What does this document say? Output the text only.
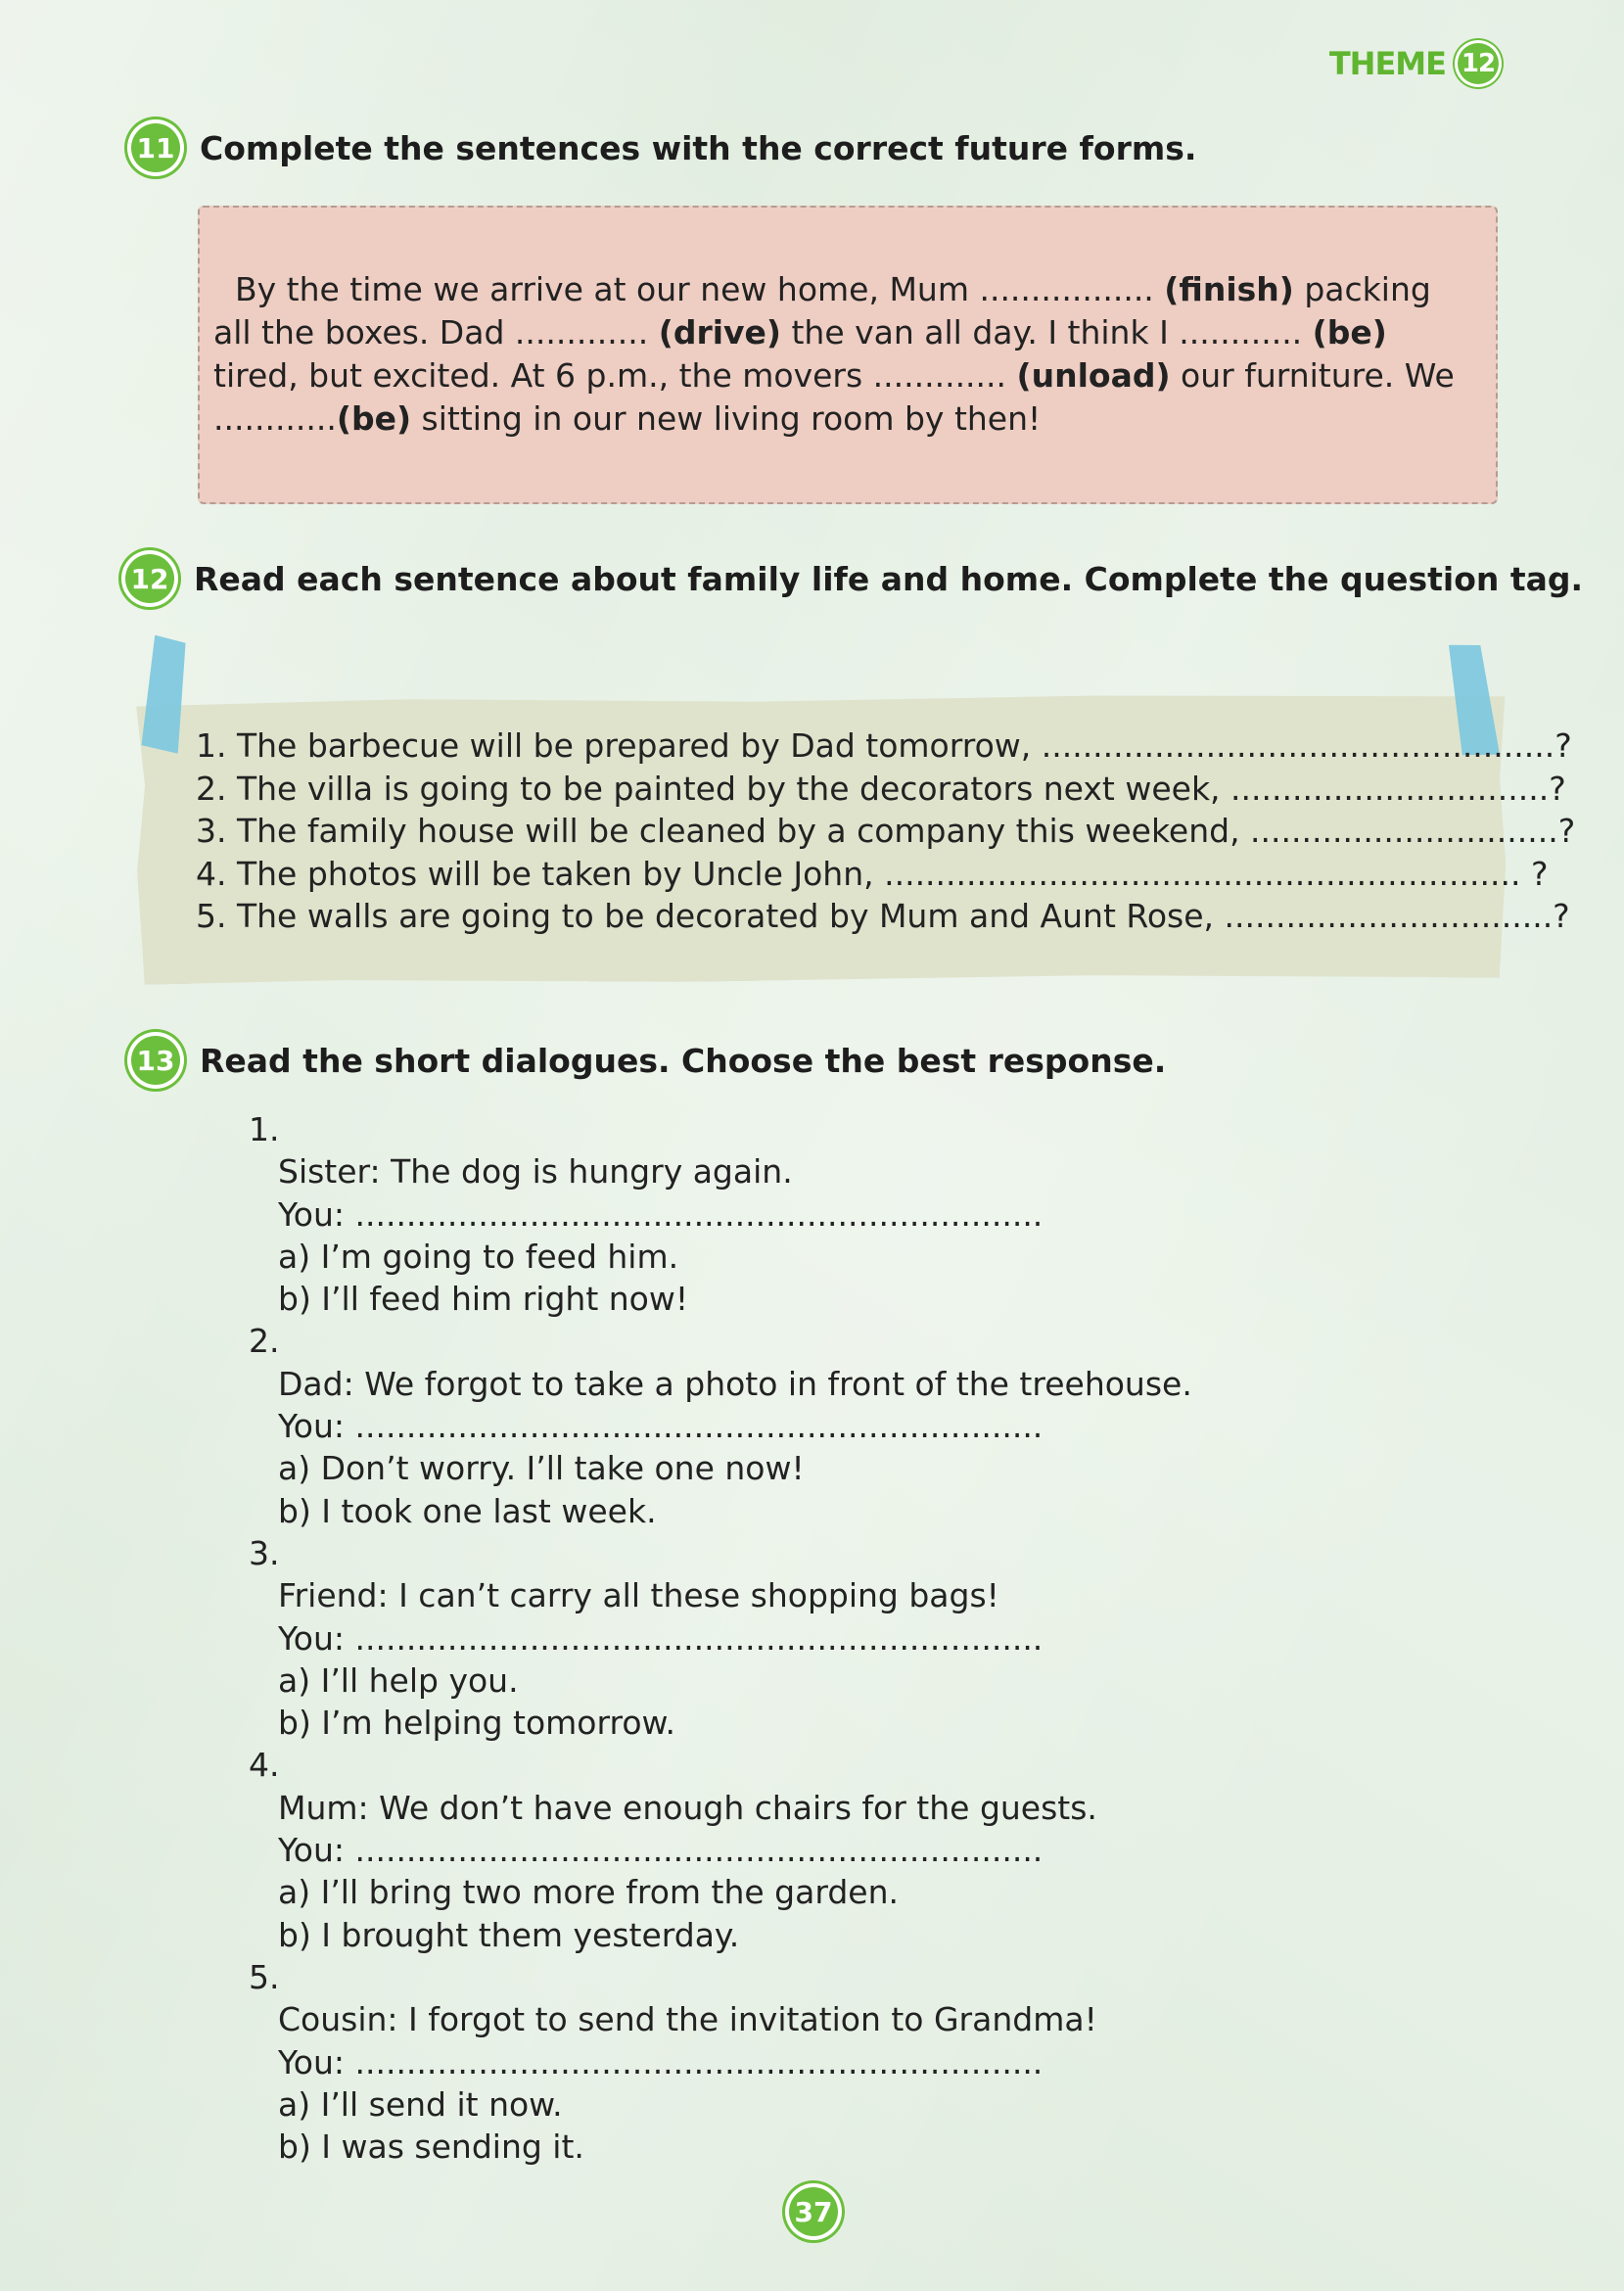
THEME 12
11 Complete the sentences with the correct future forms.
By the time we arrive at our new home, Mum ................. (finish) packing all the boxes. Dad ............. (drive) the van all day. I think I ............ (be) tired, but excited. At 6 p.m., the movers ............. (unload) our furniture. We ............(be) sitting in our new living room by then!
12 Read each sentence about family life and home. Complete the question tag.
1. The barbecue will be prepared by Dad tomorrow, ..................................................?
2. The villa is going to be painted by the decorators next week, ...............................?
3. The family house will be cleaned by a company this weekend, ..............................?
4. The photos will be taken by Uncle John, .............................................................. ?
5. The walls are going to be decorated by Mum and Aunt Rose, ................................?
13 Read the short dialogues. Choose the best response.
1.
Sister: The dog is hungry again.
You: ...................................................................
a) I’m going to feed him.
b) I’ll feed him right now!
2.
Dad: We forgot to take a photo in front of the treehouse.
You: ...................................................................
a) Don’t worry. I’ll take one now!
b) I took one last week.
3.
Friend: I can’t carry all these shopping bags!
You: ...................................................................
a) I’ll help you.
b) I’m helping tomorrow.
4.
Mum: We don’t have enough chairs for the guests.
You: ...................................................................
a) I’ll bring two more from the garden.
b) I brought them yesterday.
5.
Cousin: I forgot to send the invitation to Grandma!
You: ...................................................................
a) I’ll send it now.
b) I was sending it.
37
